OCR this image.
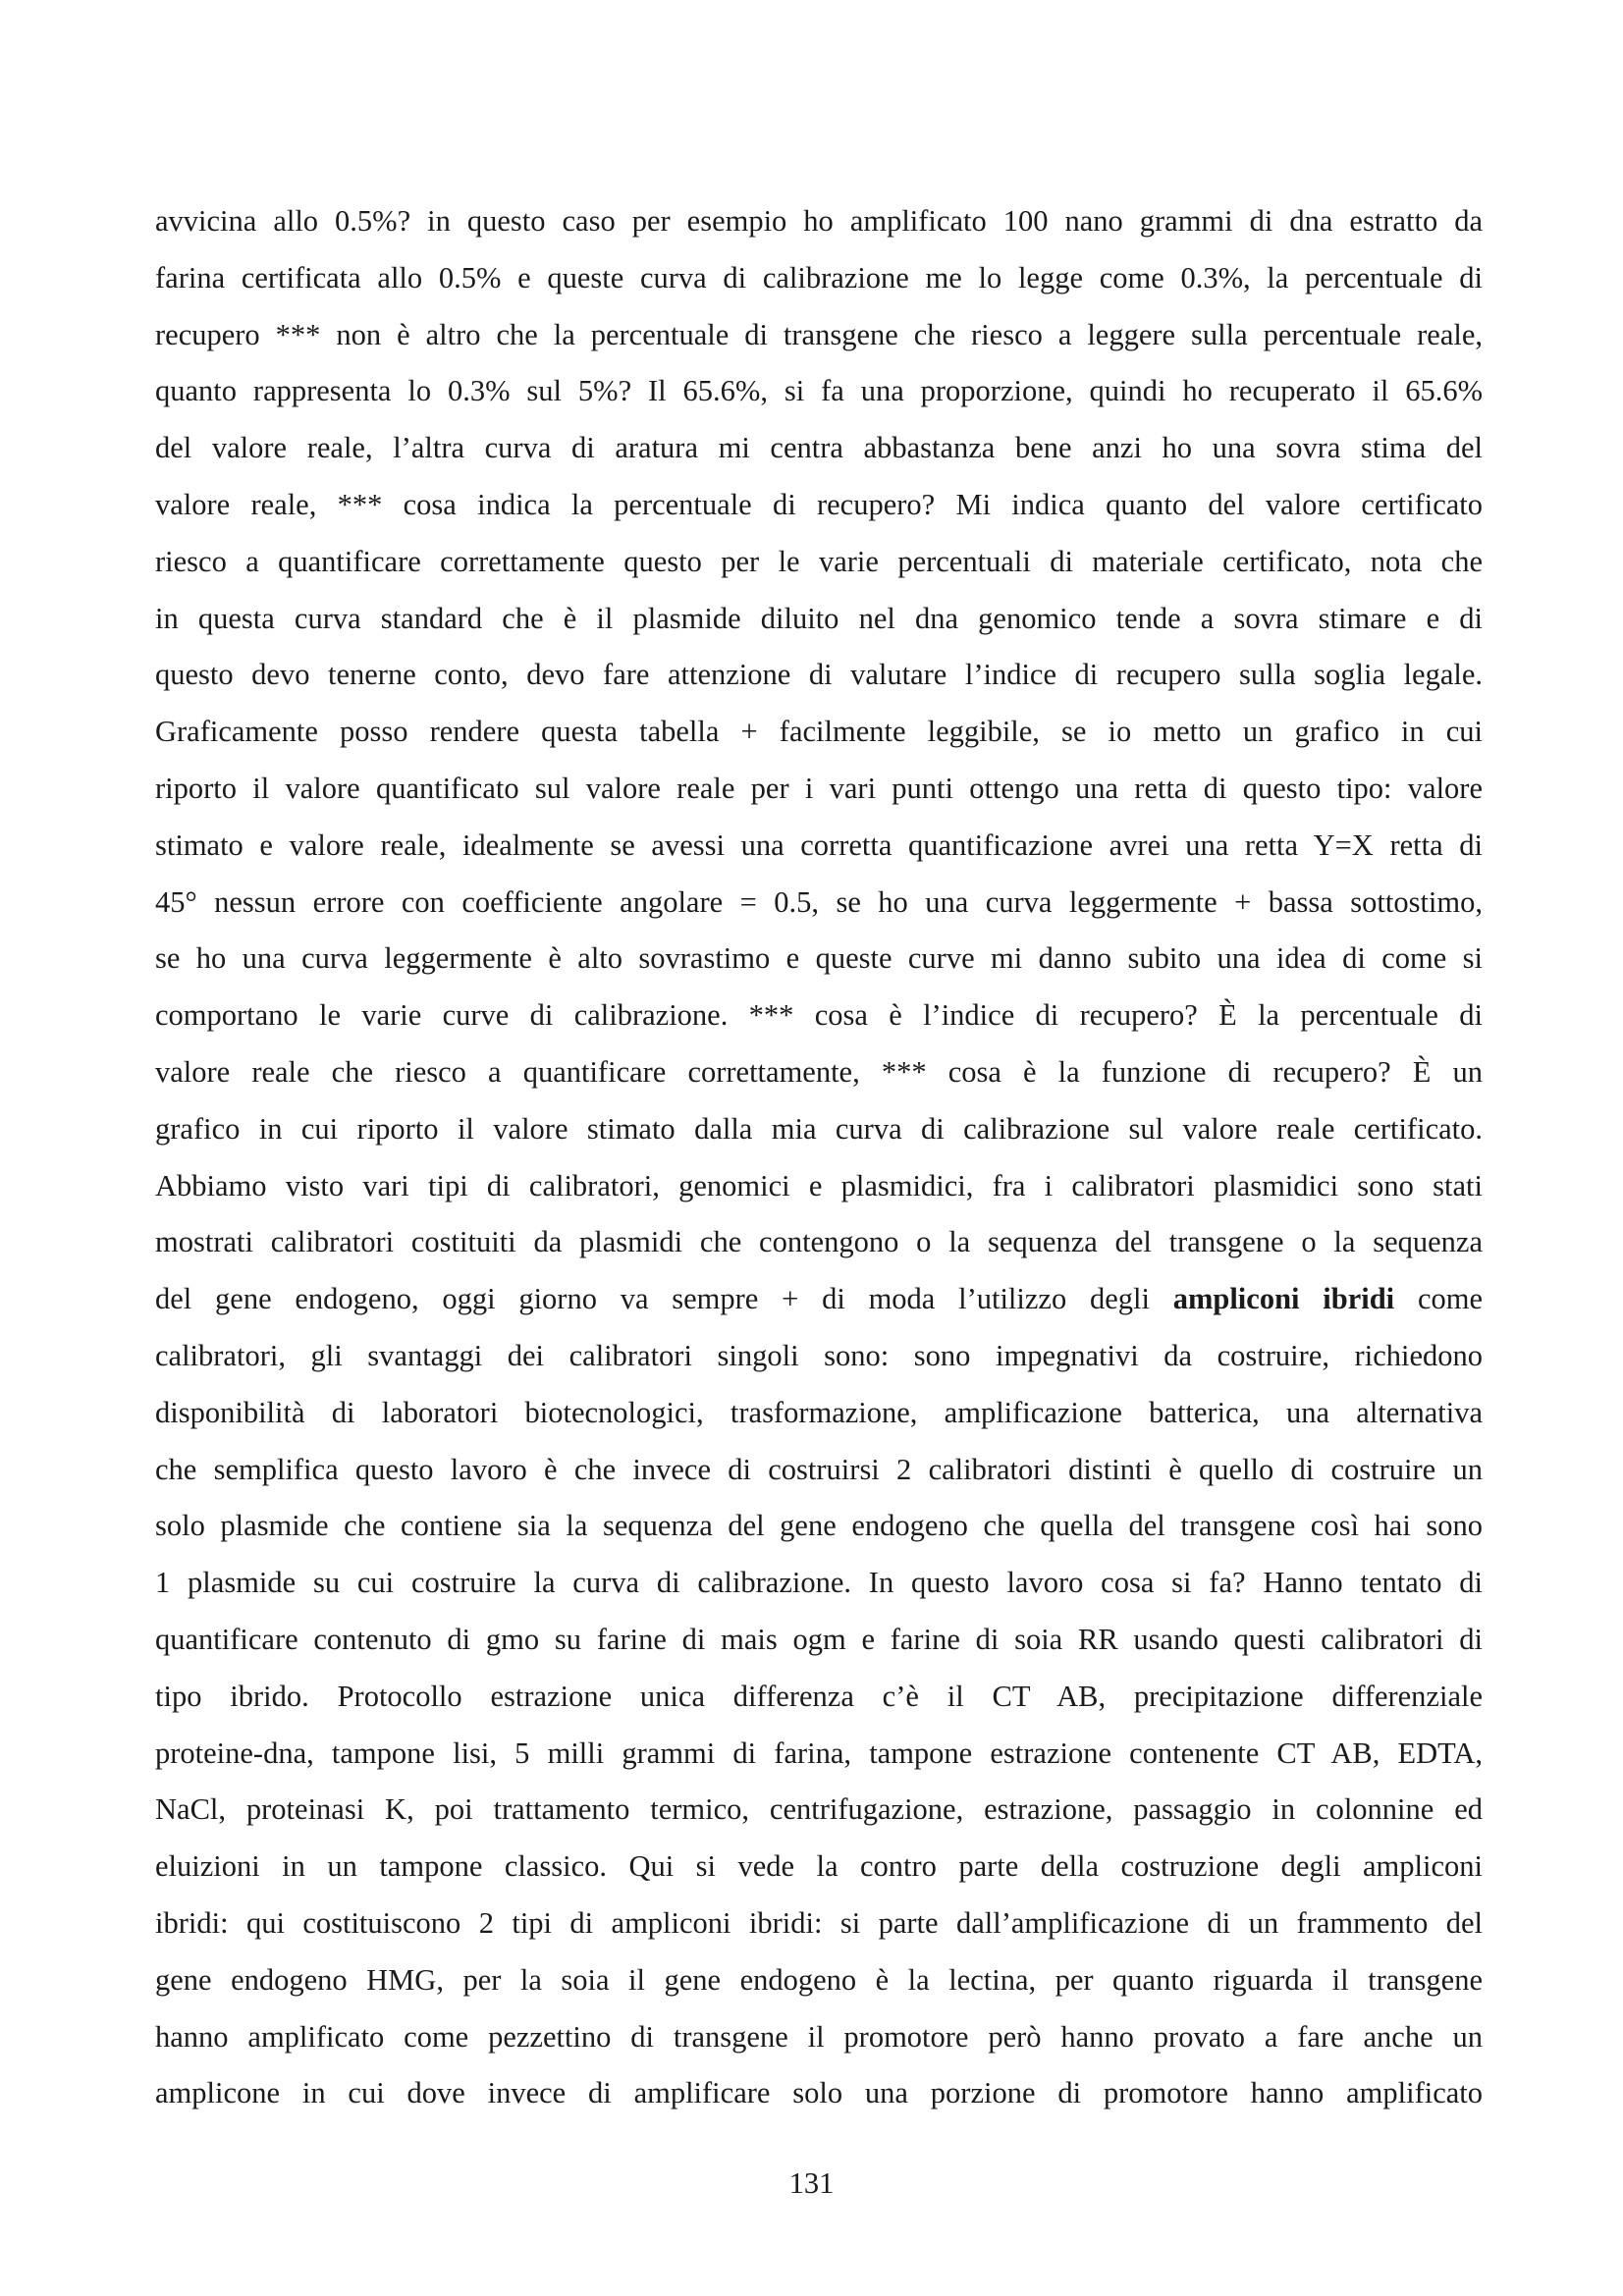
avvicina allo 0.5%? in questo caso per esempio ho amplificato 100 nano grammi di dna estratto da
farina certificata allo 0.5% e queste curva di calibrazione me lo legge come 0.3%, la percentuale di
recupero *** non è altro che la percentuale di transgene che riesco a leggere sulla percentuale reale,
quanto rappresenta lo 0.3% sul 5%? Il 65.6%, si fa una proporzione, quindi ho recuperato il 65.6%
del valore reale, l’altra curva di aratura mi centra abbastanza bene anzi ho una sovra stima del
valore reale, *** cosa indica la percentuale di recupero? Mi indica quanto del valore certificato
riesco a quantificare correttamente questo per le varie percentuali di materiale certificato, nota che
in questa curva standard che è il plasmide diluito nel dna genomico tende a sovra stimare e di
questo devo tenerne conto, devo fare attenzione di valutare l’indice di recupero sulla soglia legale.
Graficamente posso rendere questa tabella + facilmente leggibile, se io metto un grafico in cui
riporto il valore quantificato sul valore reale per i vari punti ottengo una retta di questo tipo: valore
stimato e valore reale, idealmente se avessi una corretta quantificazione avrei una retta Y=X retta di
45° nessun errore con coefficiente angolare = 0.5, se ho una curva leggermente + bassa sottostimo,
se ho una curva leggermente è alto sovrastimo e queste curve mi danno subito una idea di come si
comportano le varie curve di calibrazione. *** cosa è l’indice di recupero? È la percentuale di
valore reale che riesco a quantificare correttamente, *** cosa è la funzione di recupero? È un
grafico in cui riporto il valore stimato dalla mia curva di calibrazione sul valore reale certificato.
Abbiamo visto vari tipi di calibratori, genomici e plasmidici, fra i calibratori plasmidici sono stati
mostrati calibratori costituiti da plasmidi che contengono o la sequenza del transgene o la sequenza
del gene endogeno, oggi giorno va sempre + di moda l’utilizzo degli ampliconi ibridi come
calibratori, gli svantaggi dei calibratori singoli sono: sono impegnativi da costruire, richiedono
disponibilità di laboratori biotecnologici, trasformazione, amplificazione batterica, una alternativa
che semplifica questo lavoro è che invece di costruirsi 2 calibratori distinti è quello di costruire un
solo plasmide che contiene sia la sequenza del gene endogeno che quella del transgene così hai sono
1 plasmide su cui costruire la curva di calibrazione. In questo lavoro cosa si fa? Hanno tentato di
quantificare contenuto di gmo su farine di mais ogm e farine di soia RR usando questi calibratori di
tipo ibrido. Protocollo estrazione unica differenza c’è il CT AB, precipitazione differenziale
proteine-dna, tampone lisi, 5 milli grammi di farina, tampone estrazione contenente CT AB, EDTA,
NaCl, proteinasi K, poi trattamento termico, centrifugazione, estrazione, passaggio in colonnine ed
eluizioni in un tampone classico. Qui si vede la contro parte della costruzione degli ampliconi
ibridi: qui costituiscono 2 tipi di ampliconi ibridi: si parte dall’amplificazione di un frammento del
gene endogeno HMG, per la soia il gene endogeno è la lectina, per quanto riguarda il transgene
hanno amplificato come pezzettino di transgene il promotore però hanno provato a fare anche un
amplicone in cui dove invece di amplificare solo una porzione di promotore hanno amplificato
131
